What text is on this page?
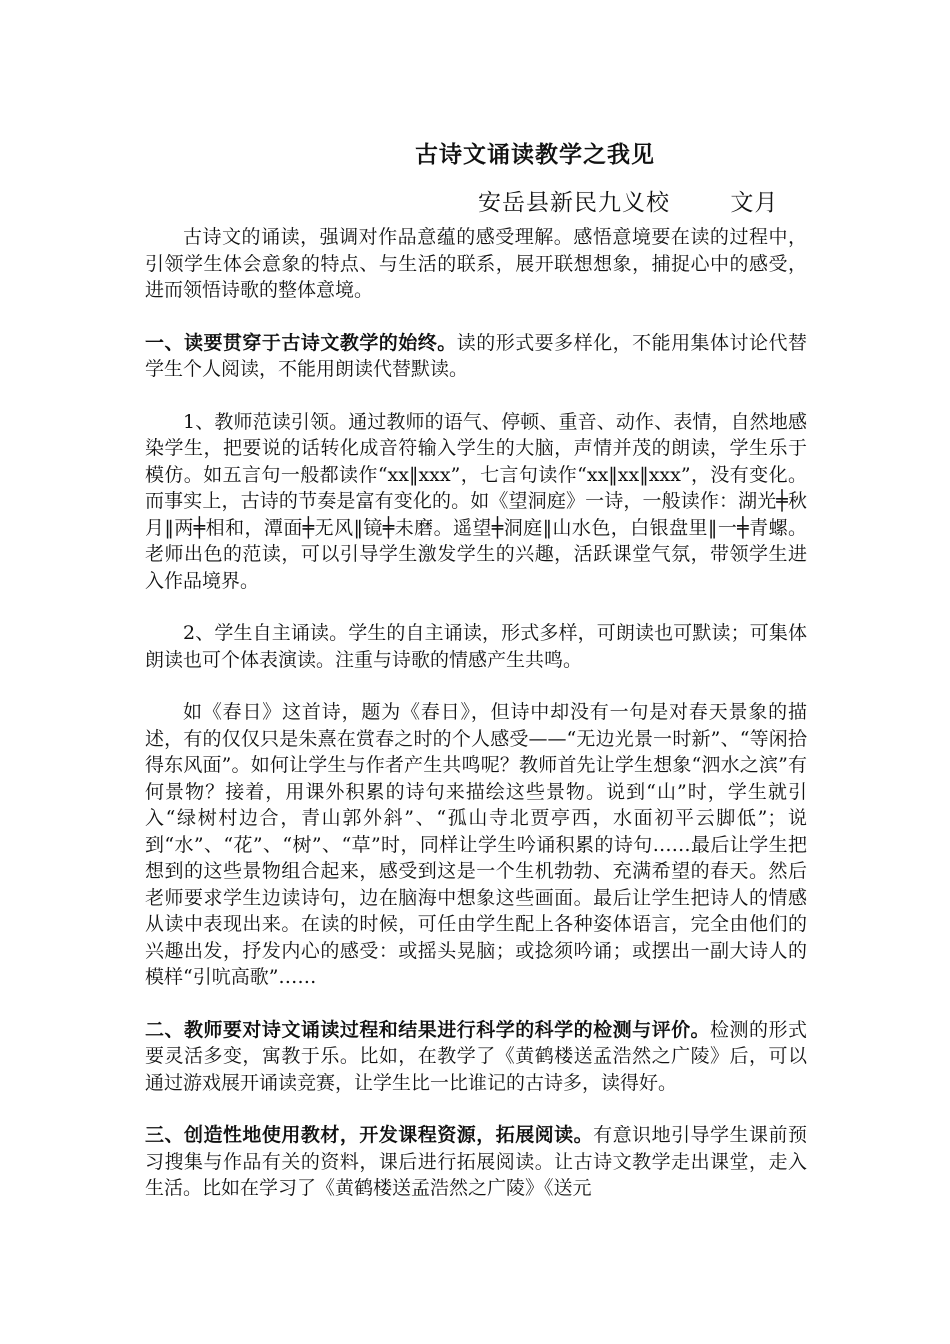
古诗文诵读教学之我见
安岳县新民九义校	文月

古诗文的诵读，强调对作品意蕴的感受理解。感悟意境要在读的过程中，引领学生体会意象的特点、与生活的联系，展开联想想象，捕捉心中的感受，进而领悟诗歌的整体意境。

一、读要贯穿于古诗文教学的始终。读的形式要多样化，不能用集体讨论代替学生个人阅读，不能用朗读代替默读。

1、教师范读引领。通过教师的语气、停顿、重音、动作、表情，自然地感染学生，把要说的话转化成音符输入学生的大脑，声情并茂的朗读，学生乐于模仿。如五言句一般都读作“xx‖xxx”，七言句读作“xx‖xx‖xxx”，没有变化。而事实上，古诗的节奏是富有变化的。如《望洞庭》一诗，一般读作：湖光╪秋月‖两╪相和，潭面╪无风‖镜╪未磨。遥望╪洞庭‖山水色，白银盘里‖一╪青螺。老师出色的范读，可以引导学生激发学生的兴趣，活跃课堂气氛，带领学生进入作品境界。

2、学生自主诵读。学生的自主诵读，形式多样，可朗读也可默读；可集体朗读也可个体表演读。注重与诗歌的情感产生共鸣。

如《春日》这首诗，题为《春日》，但诗中却没有一句是对春天景象的描述，有的仅仅只是朱熹在赏春之时的个人感受——“无边光景一时新”、“等闲拾得东风面”。如何让学生与作者产生共鸣呢？教师首先让学生想象“泗水之滨”有何景物？接着，用课外积累的诗句来描绘这些景物。说到“山”时，学生就引入“绿树村边合，青山郭外斜”、“孤山寺北贾亭西，水面初平云脚低”；说到“水”、“花”、“树”、“草”时，同样让学生吟诵积累的诗句……最后让学生把想到的这些景物组合起来，感受到这是一个生机勃勃、充满希望的春天。然后老师要求学生边读诗句，边在脑海中想象这些画面。最后让学生把诗人的情感从读中表现出来。在读的时候，可任由学生配上各种姿体语言，完全由他们的兴趣出发，抒发内心的感受：或摇头晃脑；或捻须吟诵；或摆出一副大诗人的模样“引吭高歌”……

二、教师要对诗文诵读过程和结果进行科学的科学的检测与评价。检测的形式要灵活多变，寓教于乐。比如，在教学了《黄鹤楼送孟浩然之广陵》后，可以通过游戏展开诵读竞赛，让学生比一比谁记的古诗多，读得好。

三、创造性地使用教材，开发课程资源，拓展阅读。有意识地引导学生课前预习搜集与作品有关的资料，课后进行拓展阅读。让古诗文教学走出课堂，走入生活。比如在学习了《黄鹤楼送孟浩然之广陵》《送元
